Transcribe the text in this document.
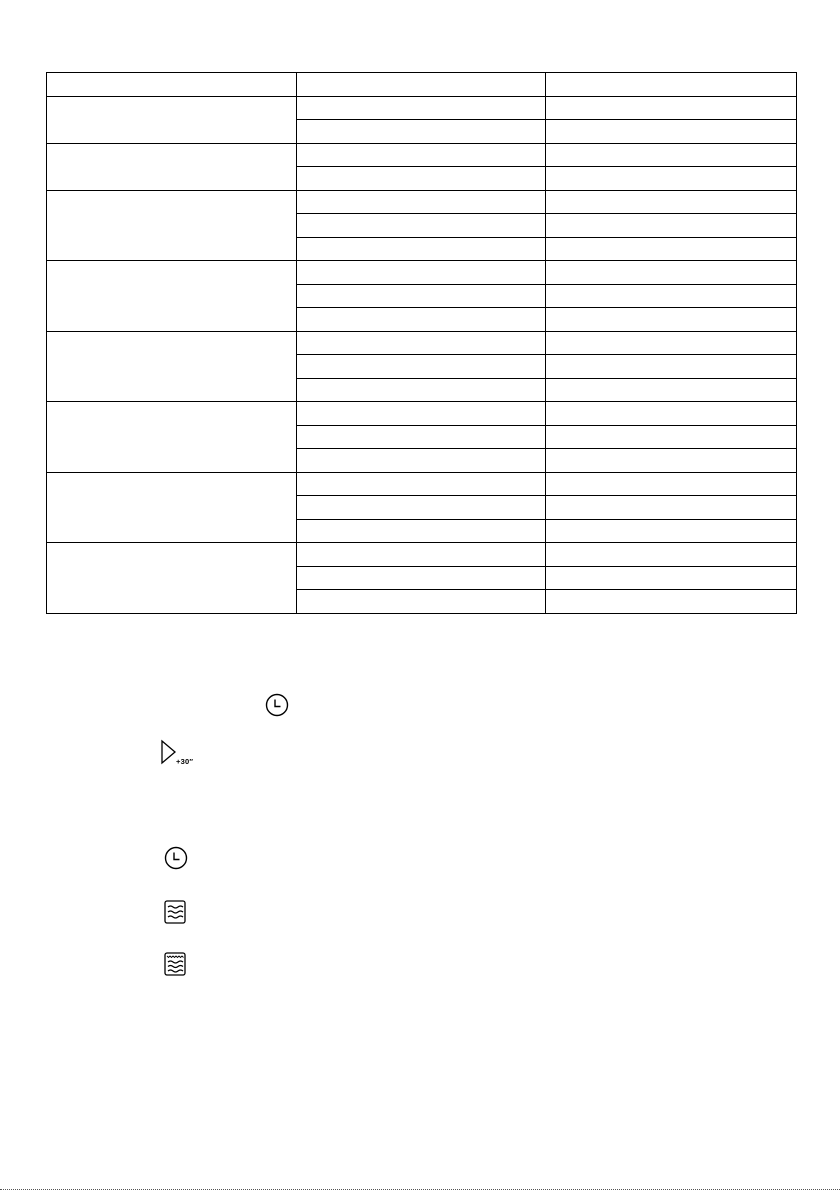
+30″
